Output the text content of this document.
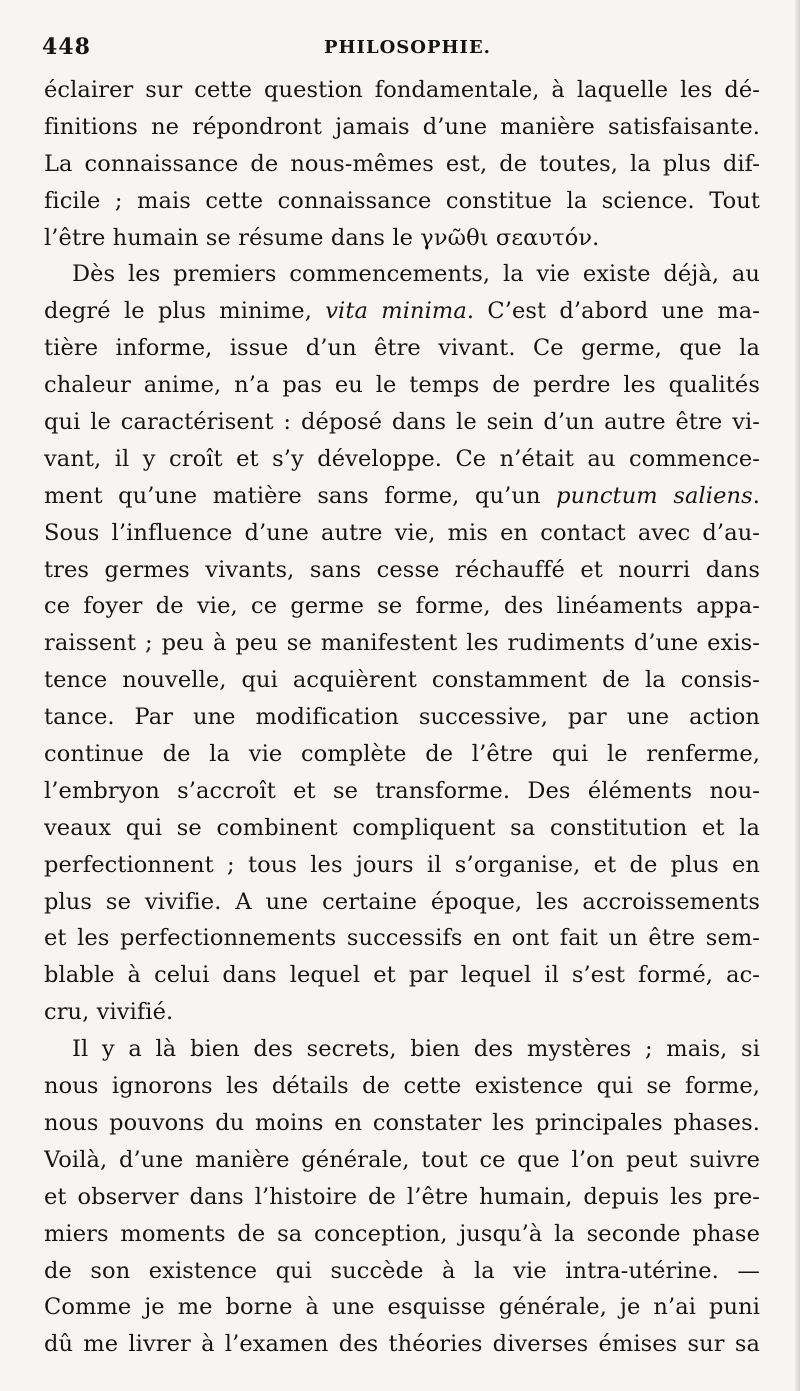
448	PHILOSOPHIE.
éclairer sur cette question fondamentale, à laquelle les dé-
finitions ne répondront jamais d’une manière satisfaisante.
La connaissance de nous-mêmes est, de toutes, la plus dif-
ficile ; mais cette connaissance constitue la science. Tout
l’être humain se résume dans le γνῶθι σεαυτόν.
Dès les premiers commencements, la vie existe déjà, au
degré le plus minime, vita minima. C’est d’abord une ma-
tière informe, issue d’un être vivant. Ce germe, que la
chaleur anime, n’a pas eu le temps de perdre les qualités
qui le caractérisent : déposé dans le sein d’un autre être vi-
vant, il y croît et s’y développe. Ce n’était au commence-
ment qu’une matière sans forme, qu’un punctum saliens.
Sous l’influence d’une autre vie, mis en contact avec d’au-
tres germes vivants, sans cesse réchauffé et nourri dans
ce foyer de vie, ce germe se forme, des linéaments appa-
raissent ; peu à peu se manifestent les rudiments d’une exis-
tence nouvelle, qui acquièrent constamment de la consis-
tance. Par une modification successive, par une action
continue de la vie complète de l’être qui le renferme,
l’embryon s’accroît et se transforme. Des éléments nou-
veaux qui se combinent compliquent sa constitution et la
perfectionnent ; tous les jours il s’organise, et de plus en
plus se vivifie. A une certaine époque, les accroissements
et les perfectionnements successifs en ont fait un être sem-
blable à celui dans lequel et par lequel il s’est formé, ac-
cru, vivifié.
Il y a là bien des secrets, bien des mystères ; mais, si
nous ignorons les détails de cette existence qui se forme,
nous pouvons du moins en constater les principales phases.
Voilà, d’une manière générale, tout ce que l’on peut suivre
et observer dans l’histoire de l’être humain, depuis les pre-
miers moments de sa conception, jusqu’à la seconde phase
de son existence qui succède à la vie intra-utérine. —
Comme je me borne à une esquisse générale, je n’ai puni
dû me livrer à l’examen des théories diverses émises sur sa
